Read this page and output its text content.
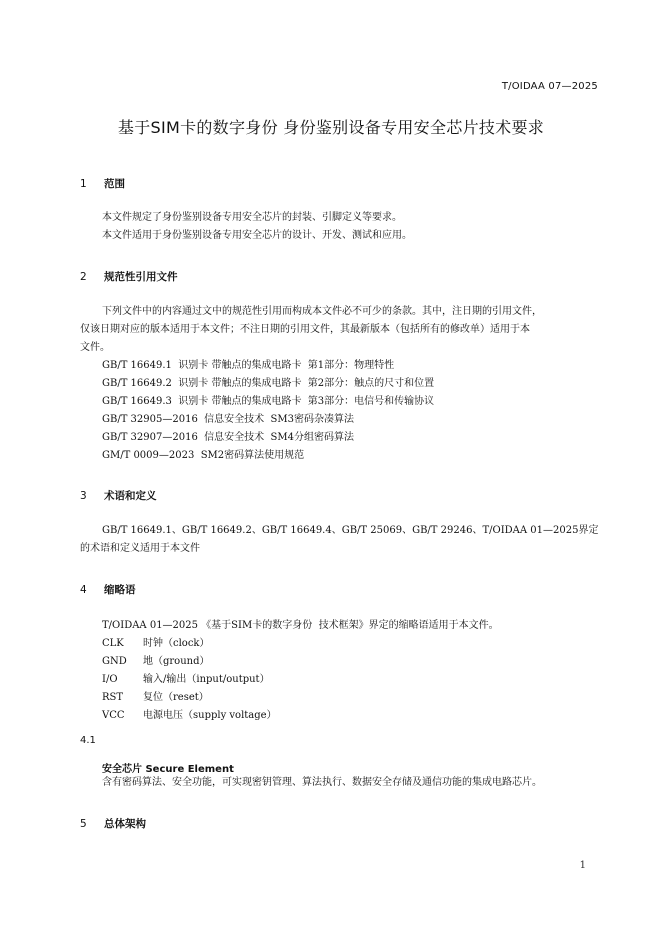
T/OIDAA 07—2025
基于SIM卡的数字身份 身份鉴别设备专用安全芯片技术要求
1 范围
本文件规定了身份鉴别设备专用安全芯片的封装、引脚定义等要求。
本文件适用于身份鉴别设备专用安全芯片的设计、开发、测试和应用。
2 规范性引用文件
下列文件中的内容通过文中的规范性引用而构成本文件必不可少的条款。其中，注日期的引用文件，
仅该日期对应的版本适用于本文件；不注日期的引用文件，其最新版本（包括所有的修改单）适用于本
文件。
GB/T 16649.1  识别卡 带触点的集成电路卡  第1部分：物理特性
GB/T 16649.2  识别卡 带触点的集成电路卡  第2部分：触点的尺寸和位置
GB/T 16649.3  识别卡 带触点的集成电路卡  第3部分：电信号和传输协议
GB/T 32905—2016  信息安全技术  SM3密码杂凑算法
GB/T 32907—2016  信息安全技术  SM4分组密码算法
GM/T 0009—2023  SM2密码算法使用规范
3 术语和定义
GB/T 16649.1、GB/T 16649.2、GB/T 16649.4、GB/T 25069、GB/T 29246、T/OIDAA 01—2025界定
的术语和定义适用于本文件
4 缩略语
T/OIDAA 01—2025 《基于SIM卡的数字身份  技术框架》界定的缩略语适用于本文件。
CLK 时钟（clock）
GND 地（ground）
I/O	输入/输出（input/output）
RST 复位（reset）
VCC 电源电压（supply voltage）
4.1
安全芯片 Secure Element
含有密码算法、安全功能，可实现密钥管理、算法执行、数据安全存储及通信功能的集成电路芯片。
5 总体架构
1
